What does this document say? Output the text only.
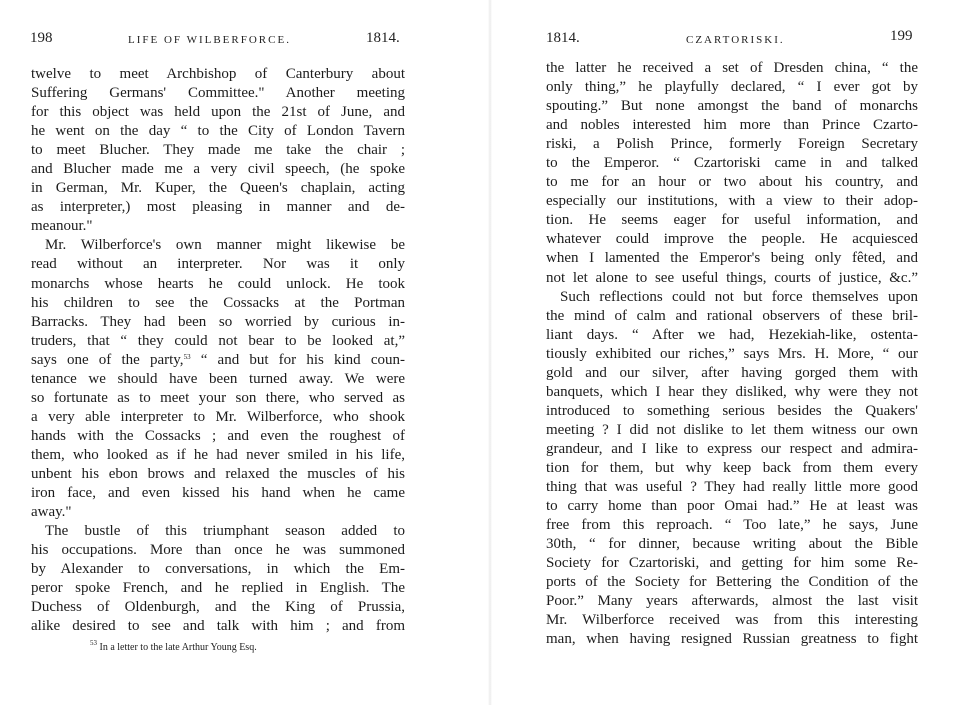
198	LIFE OF WILBERFORCE.	1814.
twelve to meet Archbishop of Canterbury about
Suffering Germans' Committee." Another meeting
for this object was held upon the 21st of June, and
he went on the day “ to the City of London Tavern
to meet Blucher. They made me take the chair ;
and Blucher made me a very civil speech, (he spoke
in German, Mr. Kuper, the Queen's chaplain, acting
as interpreter,) most pleasing in manner and de-
meanour."
Mr. Wilberforce's own manner might likewise be
read without an interpreter. Nor was it only
monarchs whose hearts he could unlock. He took
his children to see the Cossacks at the Portman
Barracks. They had been so worried by curious in-
truders, that “ they could not bear to be looked at,”
says one of the party,$^{53}$ “ and but for his kind coun-
tenance we should have been turned away. We were
so fortunate as to meet your son there, who served as
a very able interpreter to Mr. Wilberforce, who shook
hands with the Cossacks ; and even the roughest of
them, who looked as if he had never smiled in his life,
unbent his ebon brows and relaxed the muscles of his
iron face, and even kissed his hand when he came
away."
The bustle of this triumphant season added to
his occupations. More than once he was summoned
by Alexander to conversations, in which the Em-
peror spoke French, and he replied in English. The
Duchess of Oldenburgh, and the King of Prussia,
alike desired to see and talk with him ; and from
$^{53}$ In a letter to the late Arthur Young Esq.
1814.	CZARTORISKI.	199
the latter he received a set of Dresden china, “ the
only thing,” he playfully declared, “ I ever got by
spouting.” But none amongst the band of monarchs
and nobles interested him more than Prince Czarto-
riski, a Polish Prince, formerly Foreign Secretary
to the Emperor. “ Czartoriski came in and talked
to me for an hour or two about his country, and
especially our institutions, with a view to their adop-
tion. He seems eager for useful information, and
whatever could improve the people. He acquiesced
when I lamented the Emperor's being only fêted, and
not let alone to see useful things, courts of justice, &c.”
Such reflections could not but force themselves upon
the mind of calm and rational observers of these bril-
liant days. “ After we had, Hezekiah-like, ostenta-
tiously exhibited our riches,” says Mrs. H. More, “ our
gold and our silver, after having gorged them with
banquets, which I hear they disliked, why were they not
introduced to something serious besides the Quakers'
meeting ? I did not dislike to let them witness our own
grandeur, and I like to express our respect and admira-
tion for them, but why keep back from them every
thing that was useful ? They had really little more good
to carry home than poor Omai had.” He at least was
free from this reproach. “ Too late,” he says, June
30th, “ for dinner, because writing about the Bible
Society for Czartoriski, and getting for him some Re-
ports of the Society for Bettering the Condition of the
Poor.” Many years afterwards, almost the last visit
Mr. Wilberforce received was from this interesting
man, when having resigned Russian greatness to fight
